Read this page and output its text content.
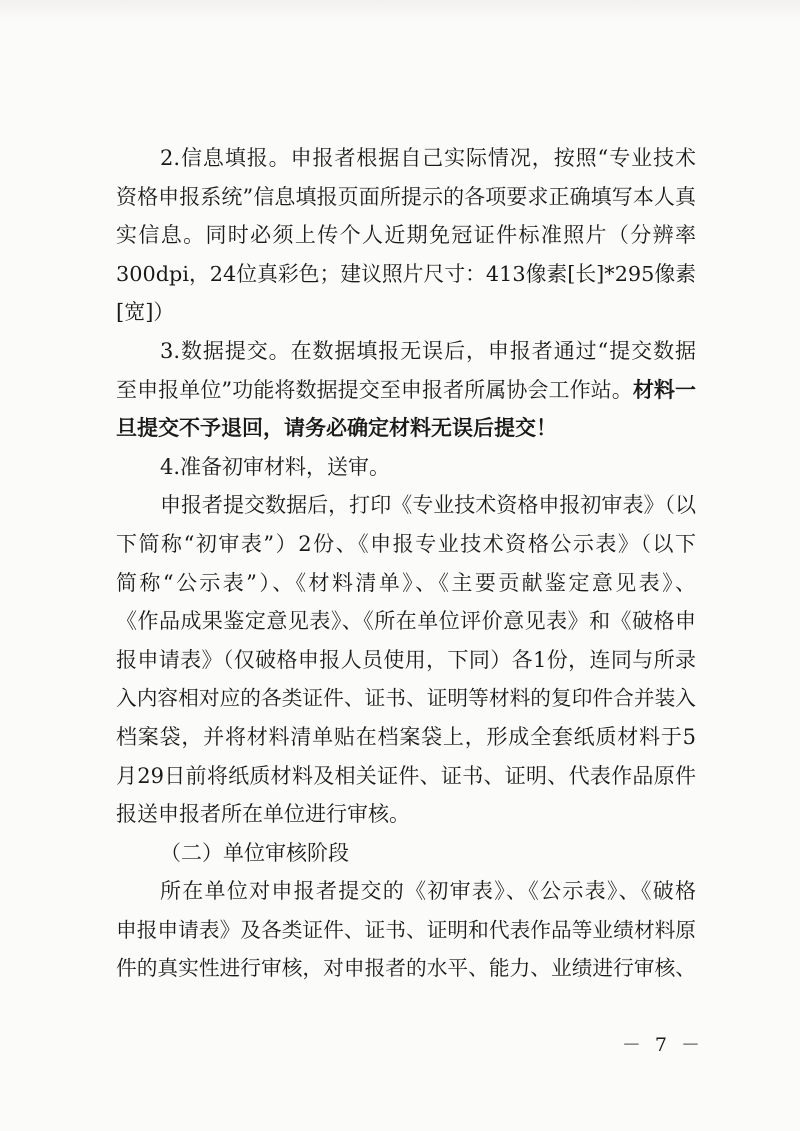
2.信息填报。申报者根据自己实际情况，按照“专业技术
资格申报系统”信息填报页面所提示的各项要求正确填写本人真
实信息。同时必须上传个人近期免冠证件标准照片（分辨率
300dpi，24位真彩色；建议照片尺寸：413像素[长]*295像素
[宽]）
3.数据提交。在数据填报无误后，申报者通过“提交数据
至申报单位”功能将数据提交至申报者所属协会工作站。材料一
旦提交不予退回，请务必确定材料无误后提交！
4.准备初审材料，送审。
申报者提交数据后，打印《专业技术资格申报初审表》（以
下简称“初审表”）2份、《申报专业技术资格公示表》（以下
简称“公示表”）、《材料清单》、《主要贡献鉴定意见表》、
《作品成果鉴定意见表》、《所在单位评价意见表》和《破格申
报申请表》（仅破格申报人员使用，下同）各1份，连同与所录
入内容相对应的各类证件、证书、证明等材料的复印件合并装入
档案袋，并将材料清单贴在档案袋上，形成全套纸质材料于5
月29日前将纸质材料及相关证件、证书、证明、代表作品原件
报送申报者所在单位进行审核。
（二）单位审核阶段
所在单位对申报者提交的《初审表》、《公示表》、《破格
申报申请表》及各类证件、证书、证明和代表作品等业绩材料原
件的真实性进行审核，对申报者的水平、能力、业绩进行审核、
－ 7 －
